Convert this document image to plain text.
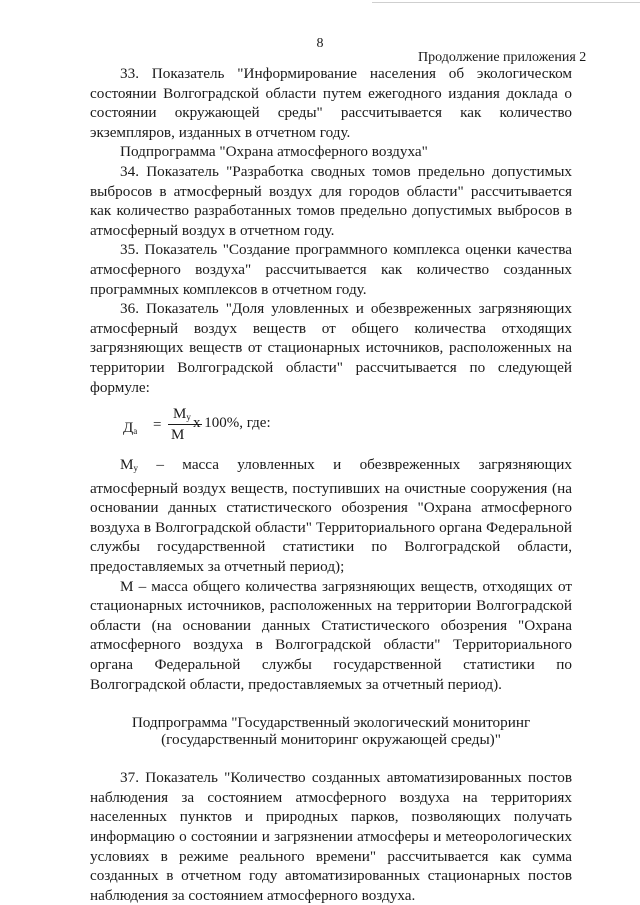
8
Продолжение приложения 2

33. Показатель "Информирование населения об экологическом состоянии Волгоградской области путем ежегодного издания доклада о состоянии окружающей среды" рассчитывается как количество экземпляров, изданных в отчетном году.

Подпрограмма "Охрана атмосферного воздуха"

34. Показатель "Разработка сводных томов предельно допустимых выбросов в атмосферный воздух для городов области" рассчитывается как количество разработанных томов предельно допустимых выбросов в атмосферный воздух в отчетном году.

35. Показатель "Создание программного комплекса оценки качества атмосферного воздуха" рассчитывается как количество созданных программных комплексов в отчетном году.

36. Показатель "Доля уловленных и обезвреженных загрязняющих атмосферный воздух веществ от общего количества отходящих загрязняющих веществ от стационарных источников, расположенных на территории Волгоградской области" рассчитывается по следующей формуле:

$Д_а$ =
$М_у$
М
х 100%, где:

$М_у$ – масса уловленных и обезвреженных загрязняющих атмосферный воздух веществ, поступивших на очистные сооружения (на основании данных статистического обозрения "Охрана атмосферного воздуха в Волгоградской области" Территориального органа Федеральной службы государственной статистики по Волгоградской области, предоставляемых за отчетный период);

М – масса общего количества загрязняющих веществ, отходящих от стационарных источников, расположенных на территории Волгоградской области (на основании данных Статистического обозрения "Охрана атмосферного воздуха в Волгоградской области" Территориального органа Федеральной службы государственной статистики по Волгоградской области, предоставляемых за отчетный период).

Подпрограмма "Государственный экологический мониторинг
(государственный мониторинг окружающей среды)"

37. Показатель "Количество созданных автоматизированных постов наблюдения за состоянием атмосферного воздуха на территориях населенных пунктов и природных парков, позволяющих получать информацию о состоянии и загрязнении атмосферы и метеорологических условиях в режиме реального времени" рассчитывается как сумма созданных в отчетном году автоматизированных стационарных постов наблюдения за состоянием атмосферного воздуха.
